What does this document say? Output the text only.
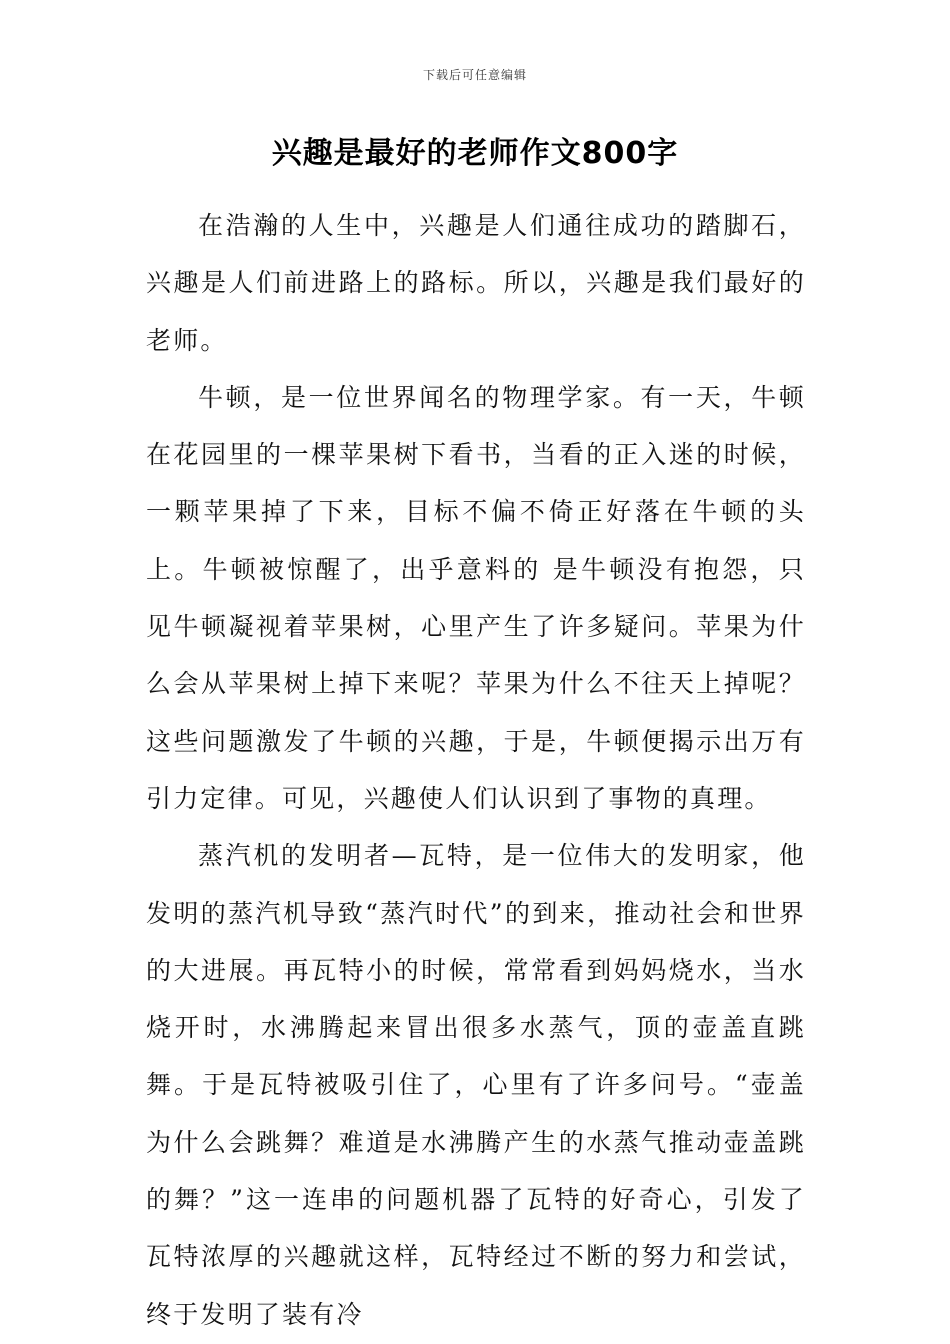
下载后可任意编辑
兴趣是最好的老师作文800字

在浩瀚的人生中，兴趣是人们通往成功的踏脚石，兴趣是人们前进路上的路标。所以，兴趣是我们最好的老师。

牛顿，是一位世界闻名的物理学家。有一天，牛顿在花园里的一棵苹果树下看书，当看的正入迷的时候，一颗苹果掉了下来，目标不偏不倚正好落在牛顿的头上。牛顿被惊醒了，出乎意料的 是牛顿没有抱怨，只见牛顿凝视着苹果树，心里产生了许多疑问。苹果为什么会从苹果树上掉下来呢？苹果为什么不往天上掉呢？这些问题激发了牛顿的兴趣，于是，牛顿便揭示出万有引力定律。可见，兴趣使人们认识到了事物的真理。

蒸汽机的发明者—瓦特，是一位伟大的发明家，他发明的蒸汽机导致“蒸汽时代”的到来，推动社会和世界的大进展。再瓦特小的时候，常常看到妈妈烧水，当水烧开时，水沸腾起来冒出很多水蒸气，顶的壶盖直跳舞。于是瓦特被吸引住了，心里有了许多问号。“壶盖为什么会跳舞？难道是水沸腾产生的水蒸气推动壶盖跳的舞？”这一连串的问题机器了瓦特的好奇心，引发了瓦特浓厚的兴趣就这样，瓦特经过不断的努力和尝试，终于发明了装有冷
